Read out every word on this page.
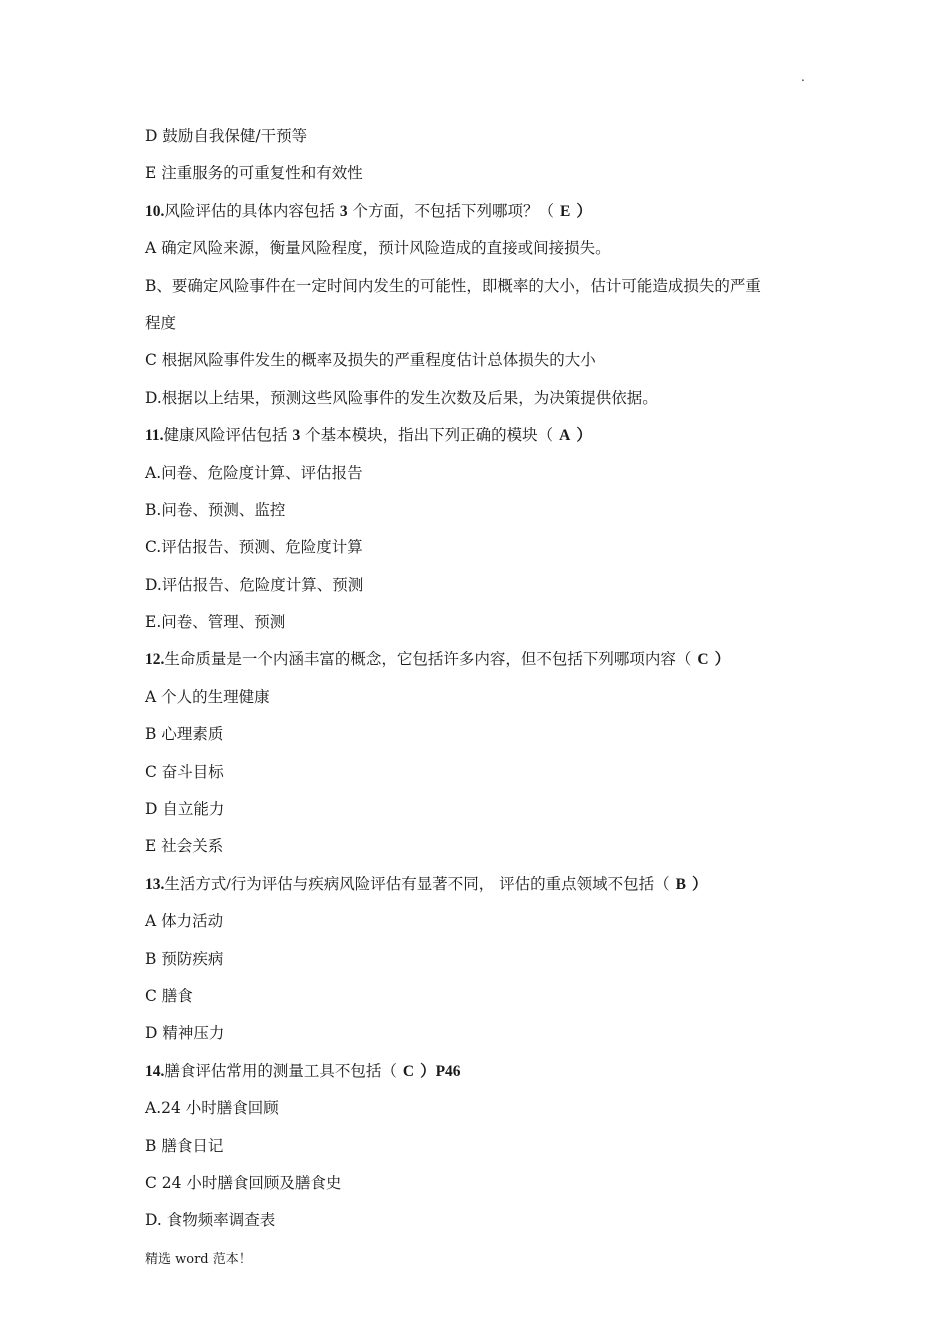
.
D 鼓励自我保健/干预等
E 注重服务的可重复性和有效性
10.风险评估的具体内容包括 3 个方面，不包括下列哪项？（ E ）
A 确定风险来源，衡量风险程度，预计风险造成的直接或间接损失。
B、要确定风险事件在一定时间内发生的可能性，即概率的大小，估计可能造成损失的严重
程度
C 根据风险事件发生的概率及损失的严重程度估计总体损失的大小
D.根据以上结果，预测这些风险事件的发生次数及后果，为决策提供依据。
11.健康风险评估包括 3 个基本模块，指出下列正确的模块（ A ）
A.问卷、危险度计算、评估报告
B.问卷、预测、监控
C.评估报告、预测、危险度计算
D.评估报告、危险度计算、预测
E.问卷、管理、预测
12.生命质量是一个内涵丰富的概念，它包括许多内容，但不包括下列哪项内容（ C ）
A 个人的生理健康
B 心理素质
C 奋斗目标
D 自立能力
E 社会关系
13.生活方式/行为评估与疾病风险评估有显著不同， 评估的重点领域不包括（ B ）
A 体力活动
B 预防疾病
C 膳食
D 精神压力
14.膳食评估常用的测量工具不包括（ C ）P46
A.24 小时膳食回顾
B 膳食日记
C 24 小时膳食回顾及膳食史
D. 食物频率调查表
精选 word 范本！
